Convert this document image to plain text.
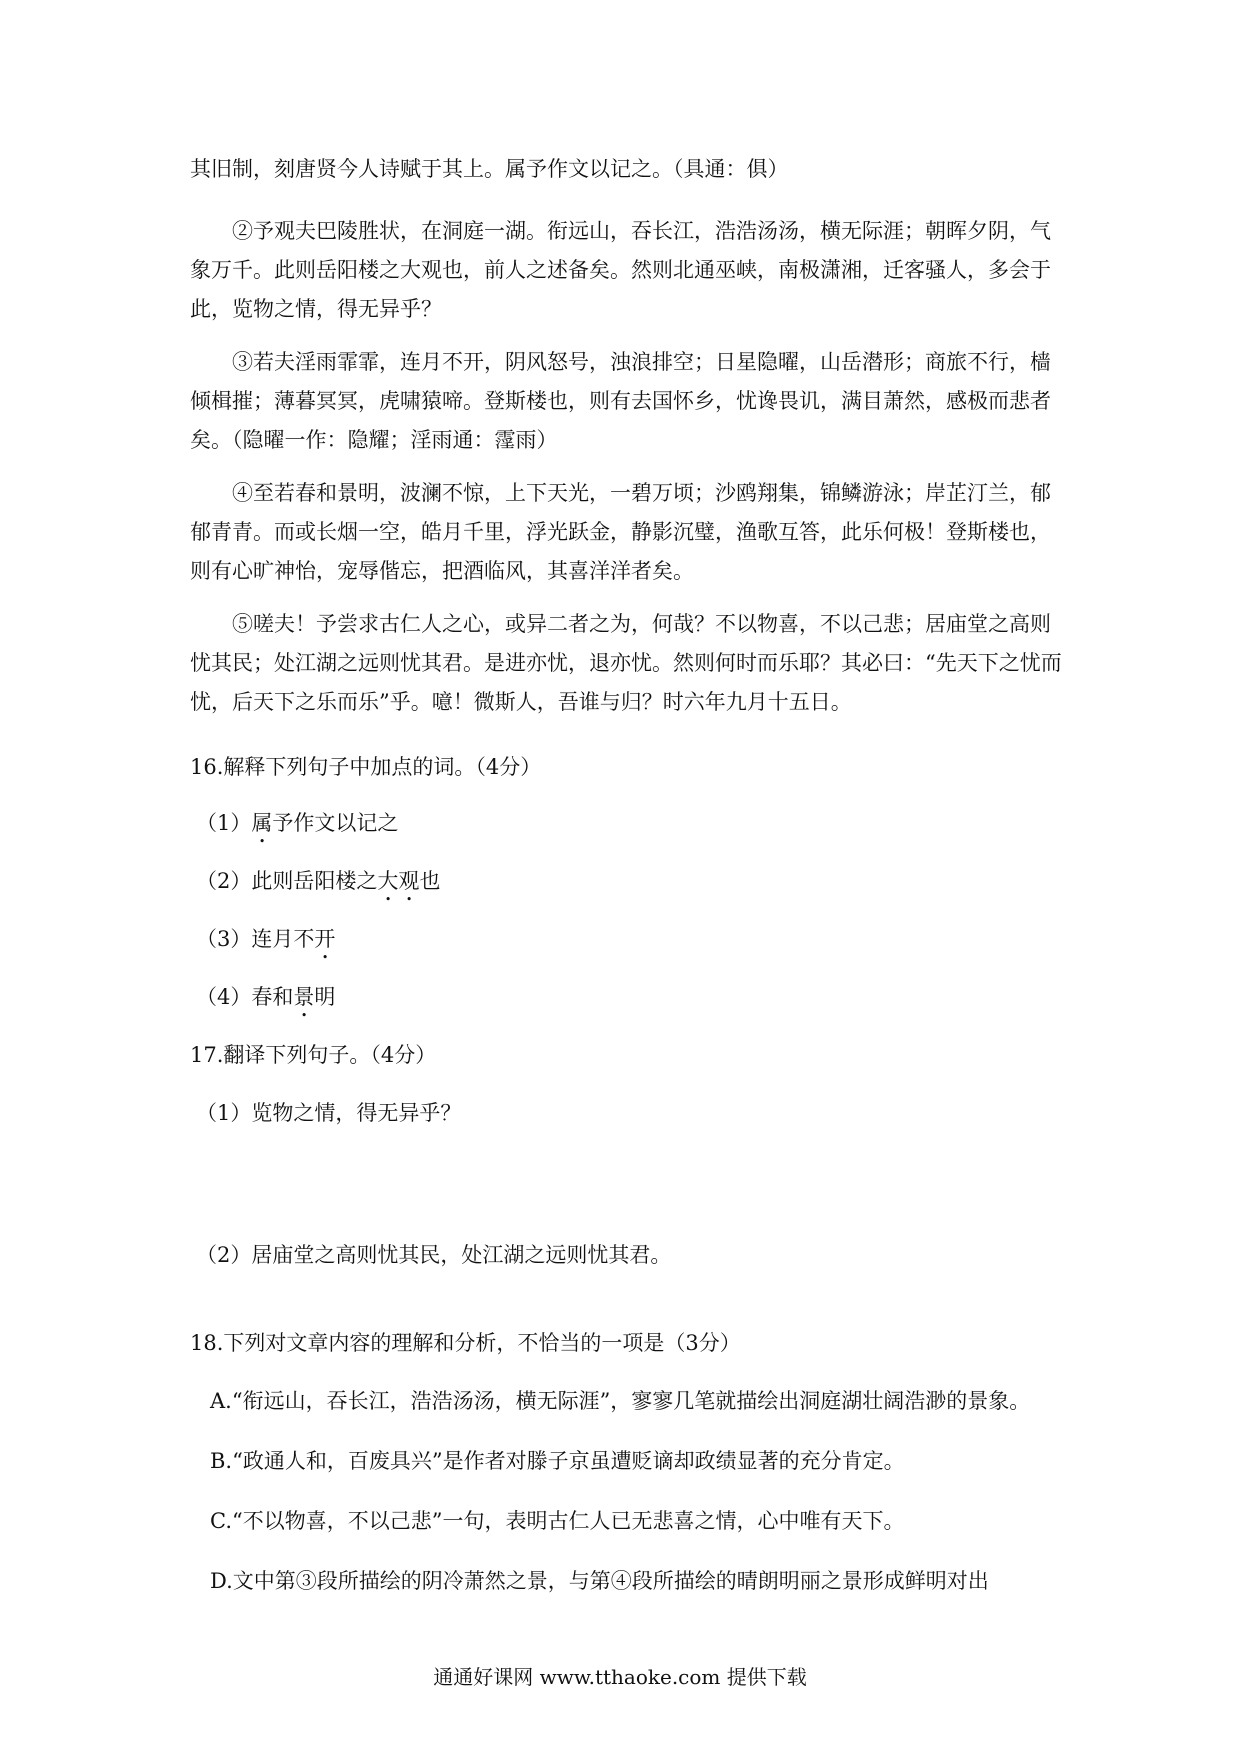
其旧制，刻唐贤今人诗赋于其上。属予作文以记之。（具通：俱）

②予观夫巴陵胜状，在洞庭一湖。衔远山，吞长江，浩浩汤汤，横无际涯；朝晖夕阴，气象万千。此则岳阳楼之大观也，前人之述备矣。然则北通巫峡，南极潇湘，迁客骚人，多会于此，览物之情，得无异乎？

③若夫淫雨霏霏，连月不开，阴风怒号，浊浪排空；日星隐曜，山岳潜形；商旅不行，樯倾楫摧；薄暮冥冥，虎啸猿啼。登斯楼也，则有去国怀乡，忧谗畏讥，满目萧然，感极而悲者矣。（隐曜一作：隐耀；淫雨通：霪雨）

④至若春和景明，波澜不惊，上下天光，一碧万顷；沙鸥翔集，锦鳞游泳；岸芷汀兰，郁郁青青。而或长烟一空，皓月千里，浮光跃金，静影沉璧，渔歌互答，此乐何极！登斯楼也，则有心旷神怡，宠辱偕忘，把酒临风，其喜洋洋者矣。

⑤嗟夫！予尝求古仁人之心，或异二者之为，何哉？不以物喜，不以己悲；居庙堂之高则忧其民；处江湖之远则忧其君。是进亦忧，退亦忧。然则何时而乐耶？其必曰：“先天下之忧而忧，后天下之乐而乐”乎。噫！微斯人，吾谁与归？时六年九月十五日。

16.解释下列句子中加点的词。（4分）
（1）属予作文以记之
（2）此则岳阳楼之大观也
（3）连月不开
（4）春和景明
17.翻译下列句子。（4分）
（1）览物之情，得无异乎？
（2）居庙堂之高则忧其民，处江湖之远则忧其君。
18.下列对文章内容的理解和分析，不恰当的一项是（3分）
A.“衔远山，吞长江，浩浩汤汤，横无际涯”，寥寥几笔就描绘出洞庭湖壮阔浩渺的景象。
B.“政通人和，百废具兴”是作者对滕子京虽遭贬谪却政绩显著的充分肯定。
C.“不以物喜，不以己悲”一句，表明古仁人已无悲喜之情，心中唯有天下。
D.文中第③段所描绘的阴冷萧然之景，与第④段所描绘的晴朗明丽之景形成鲜明对出
通通好课网 www.tthaoke.com 提供下载
